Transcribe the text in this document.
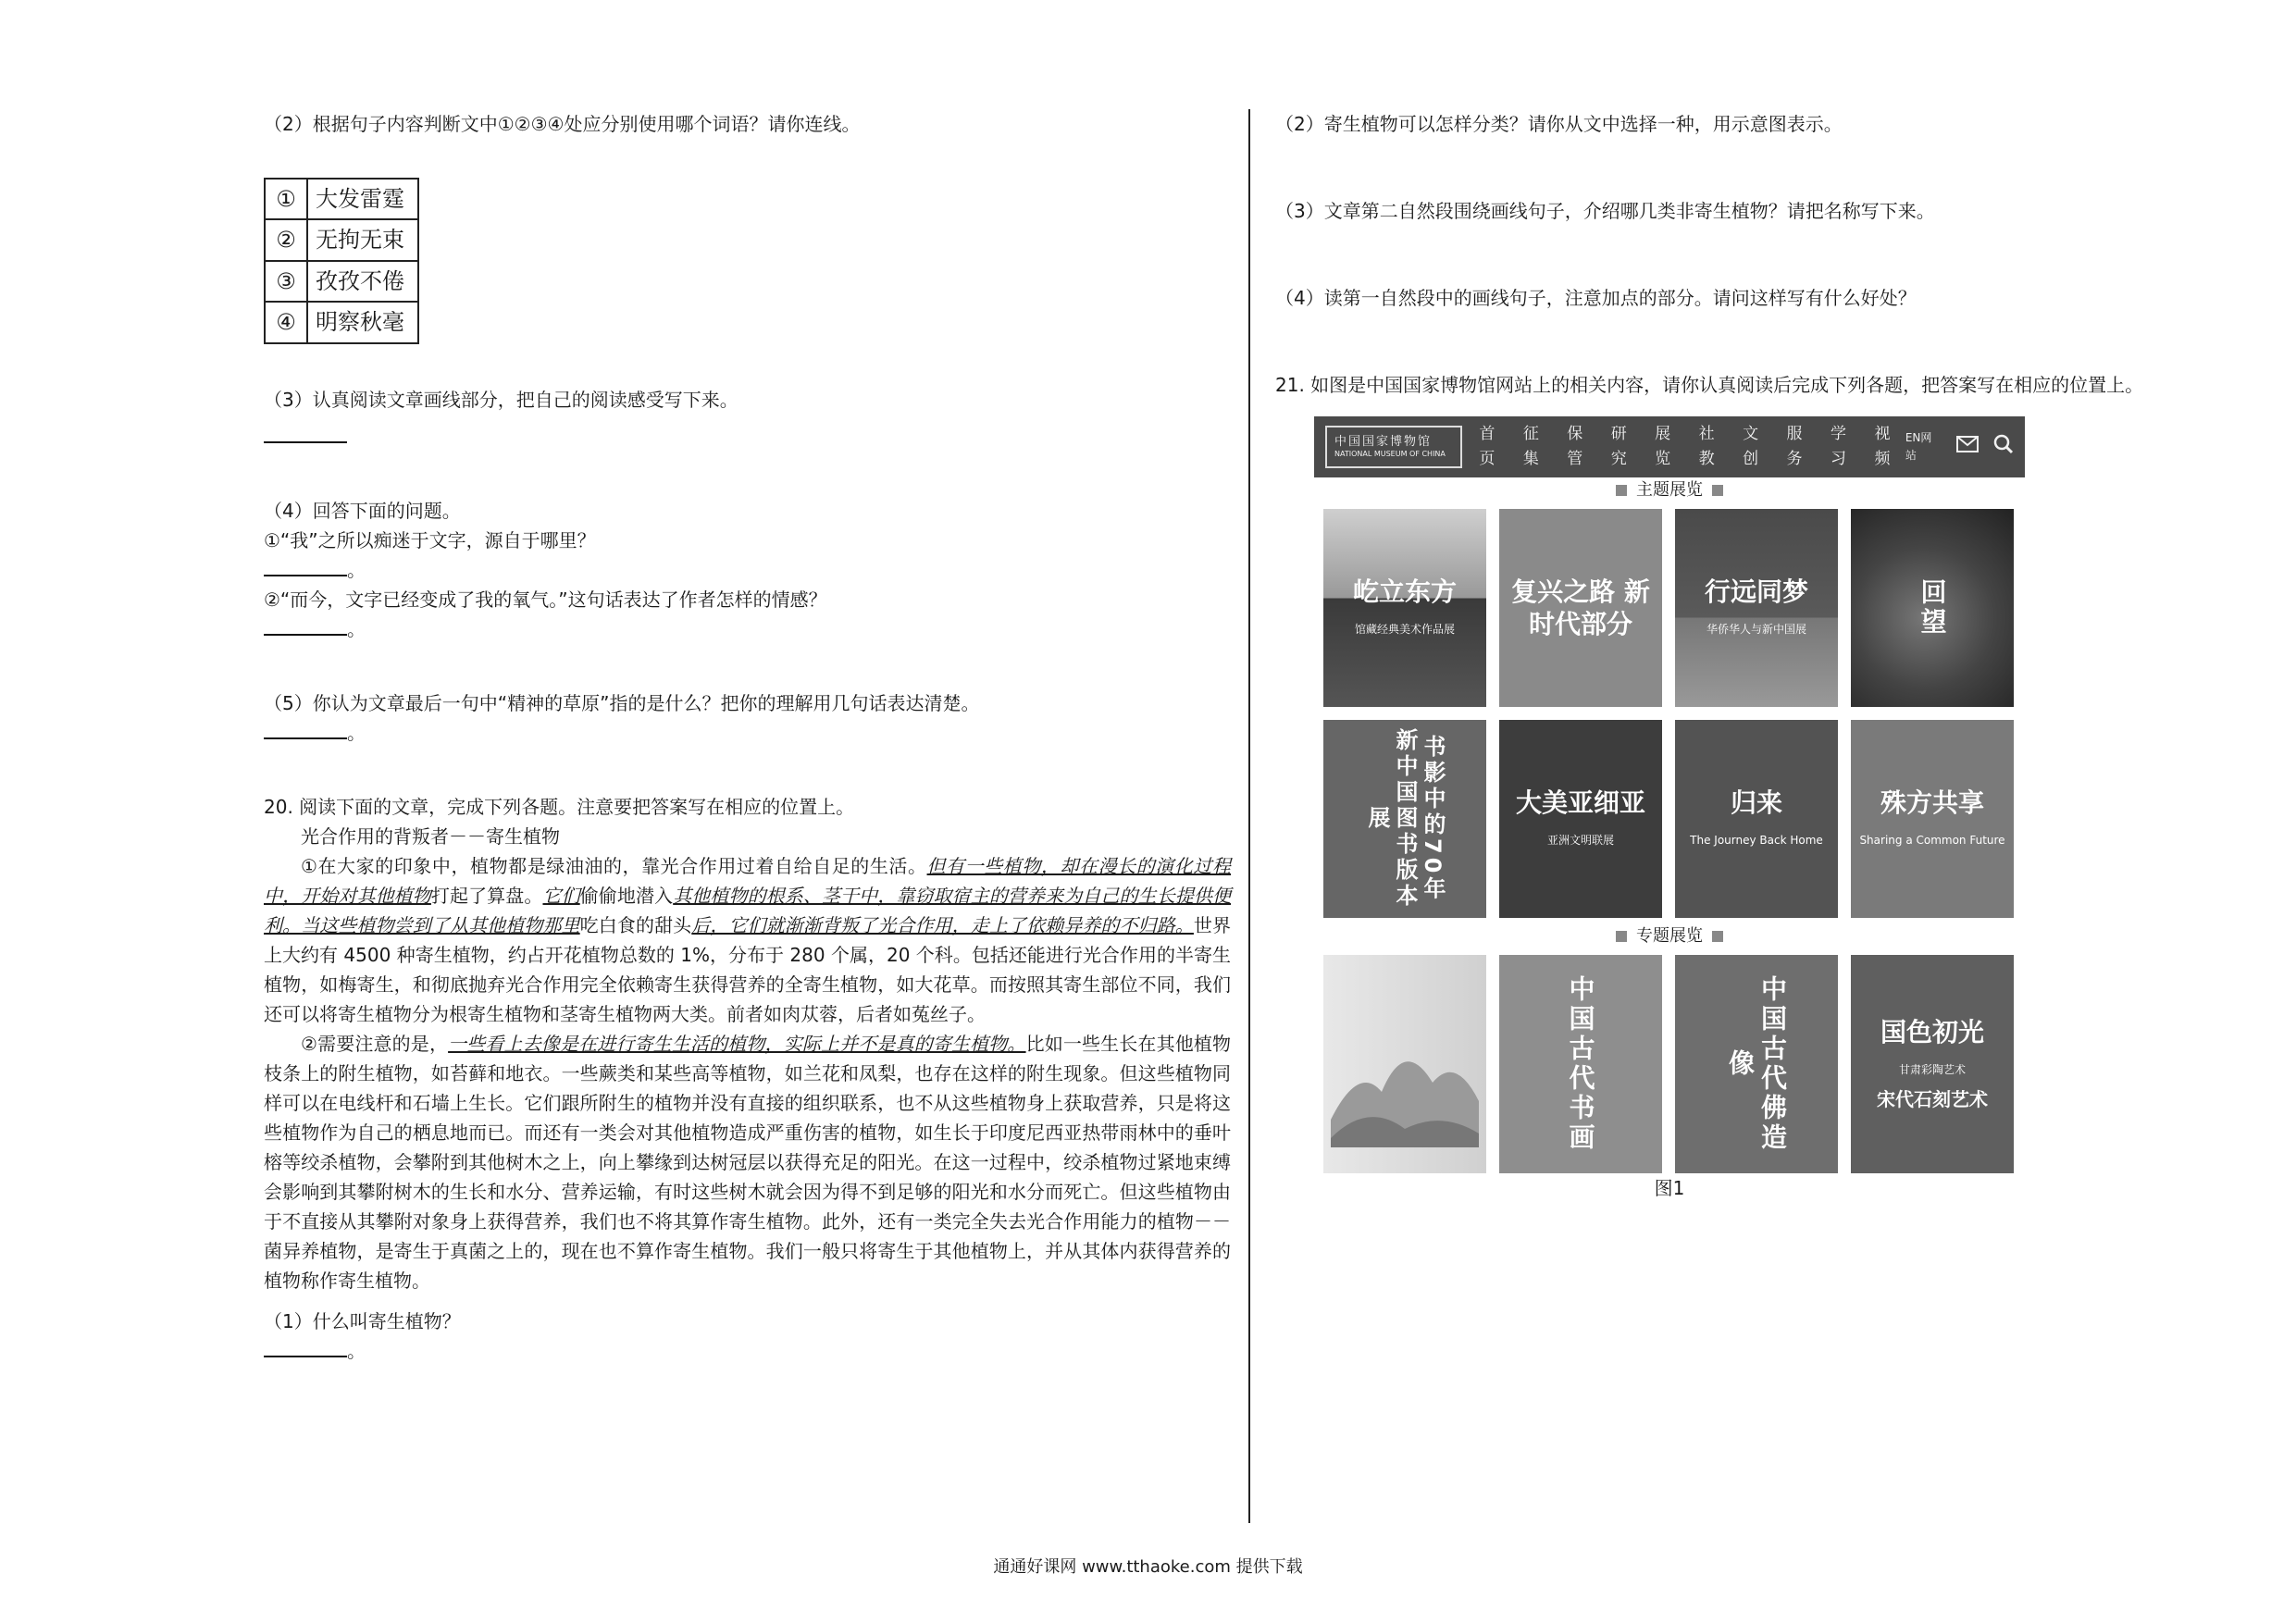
（2）根据句子内容判断文中①②③④处应分别使用哪个词语？请你连线。
①	大发雷霆
②	无拘无束
③	孜孜不倦
④	明察秋毫
（3）认真阅读文章画线部分，把自己的阅读感受写下来。
（4）回答下面的问题。
①“我”之所以痴迷于文字，源自于哪里？
。
②“而今，文字已经变成了我的氧气。”这句话表达了作者怎样的情感？
。
（5）你认为文章最后一句中“精神的草原”指的是什么？把你的理解用几句话表达清楚。
。
20. 阅读下面的文章，完成下列各题。注意要把答案写在相应的位置上。
光合作用的背叛者－－寄生植物

①在大家的印象中，植物都是绿油油的，靠光合作用过着自给自足的生活。但有一些植物，却在漫长的演化过程中，开始对其他植物打起了算盘。它们偷偷地潜入其他植物的根系、茎干中，靠窃取宿主的营养来为自己的生长提供便利。当这些植物尝到了从其他植物那里吃白食的甜头后，它们就渐渐背叛了光合作用，走上了依赖异养的不归路。世界上大约有 4500 种寄生植物，约占开花植物总数的 1%，分布于 280 个属，20 个科。包括还能进行光合作用的半寄生植物，如梅寄生，和彻底抛弃光合作用完全依赖寄生获得营养的全寄生植物，如大花草。而按照其寄生部位不同，我们还可以将寄生植物分为根寄生植物和茎寄生植物两大类。前者如肉苁蓉，后者如菟丝子。

②需要注意的是，一些看上去像是在进行寄生生活的植物，实际上并不是真的寄生植物。比如一些生长在其他植物枝条上的附生植物，如苔藓和地衣。一些蕨类和某些高等植物，如兰花和凤梨，也存在这样的附生现象。但这些植物同样可以在电线杆和石墙上生长。它们跟所附生的植物并没有直接的组织联系，也不从这些植物身上获取营养，只是将这些植物作为自己的栖息地而已。而还有一类会对其他植物造成严重伤害的植物，如生长于印度尼西亚热带雨林中的垂叶榕等绞杀植物，会攀附到其他树木之上，向上攀缘到达树冠层以获得充足的阳光。在这一过程中，绞杀植物过紧地束缚会影响到其攀附树木的生长和水分、营养运输，有时这些树木就会因为得不到足够的阳光和水分而死亡。但这些植物由于不直接从其攀附对象身上获得营养，我们也不将其算作寄生植物。此外，还有一类完全失去光合作用能力的植物－－菌异养植物，是寄生于真菌之上的，现在也不算作寄生植物。我们一般只将寄生于其他植物上，并从其体内获得营养的植物称作寄生植物。

（1）什么叫寄生植物？
。
（2）寄生植物可以怎样分类？请你从文中选择一种，用示意图表示。
（3）文章第二自然段围绕画线句子，介绍哪几类非寄生植物？请把名称写下来。
（4）读第一自然段中的画线句子，注意加点的部分。请问这样写有什么好处？
21. 如图是中国国家博物馆网站上的相关内容，请你认真阅读后完成下列各题，把答案写在相应的位置上。
中国国家博物馆
NATIONAL MUSEUM OF CHINA
首页
征集
保管
研究
展览
社教
文创
服务
学习
视频
EN网站
主题展览
屹立东方
馆藏经典美术作品展
复兴之路 新时代部分
行远同梦
华侨华人与新中国展	回望
书影中的70年 新中国图书版本展
大美亚细亚
亚洲文明联展
归来
The Journey Back Home
殊方共享
Sharing a Common Future
专题展览
中国古代书画	中国古代佛造像
国色初光
甘肃彩陶艺术
宋代石刻艺术
图1
通通好课网 www.tthaoke.com 提供下载
